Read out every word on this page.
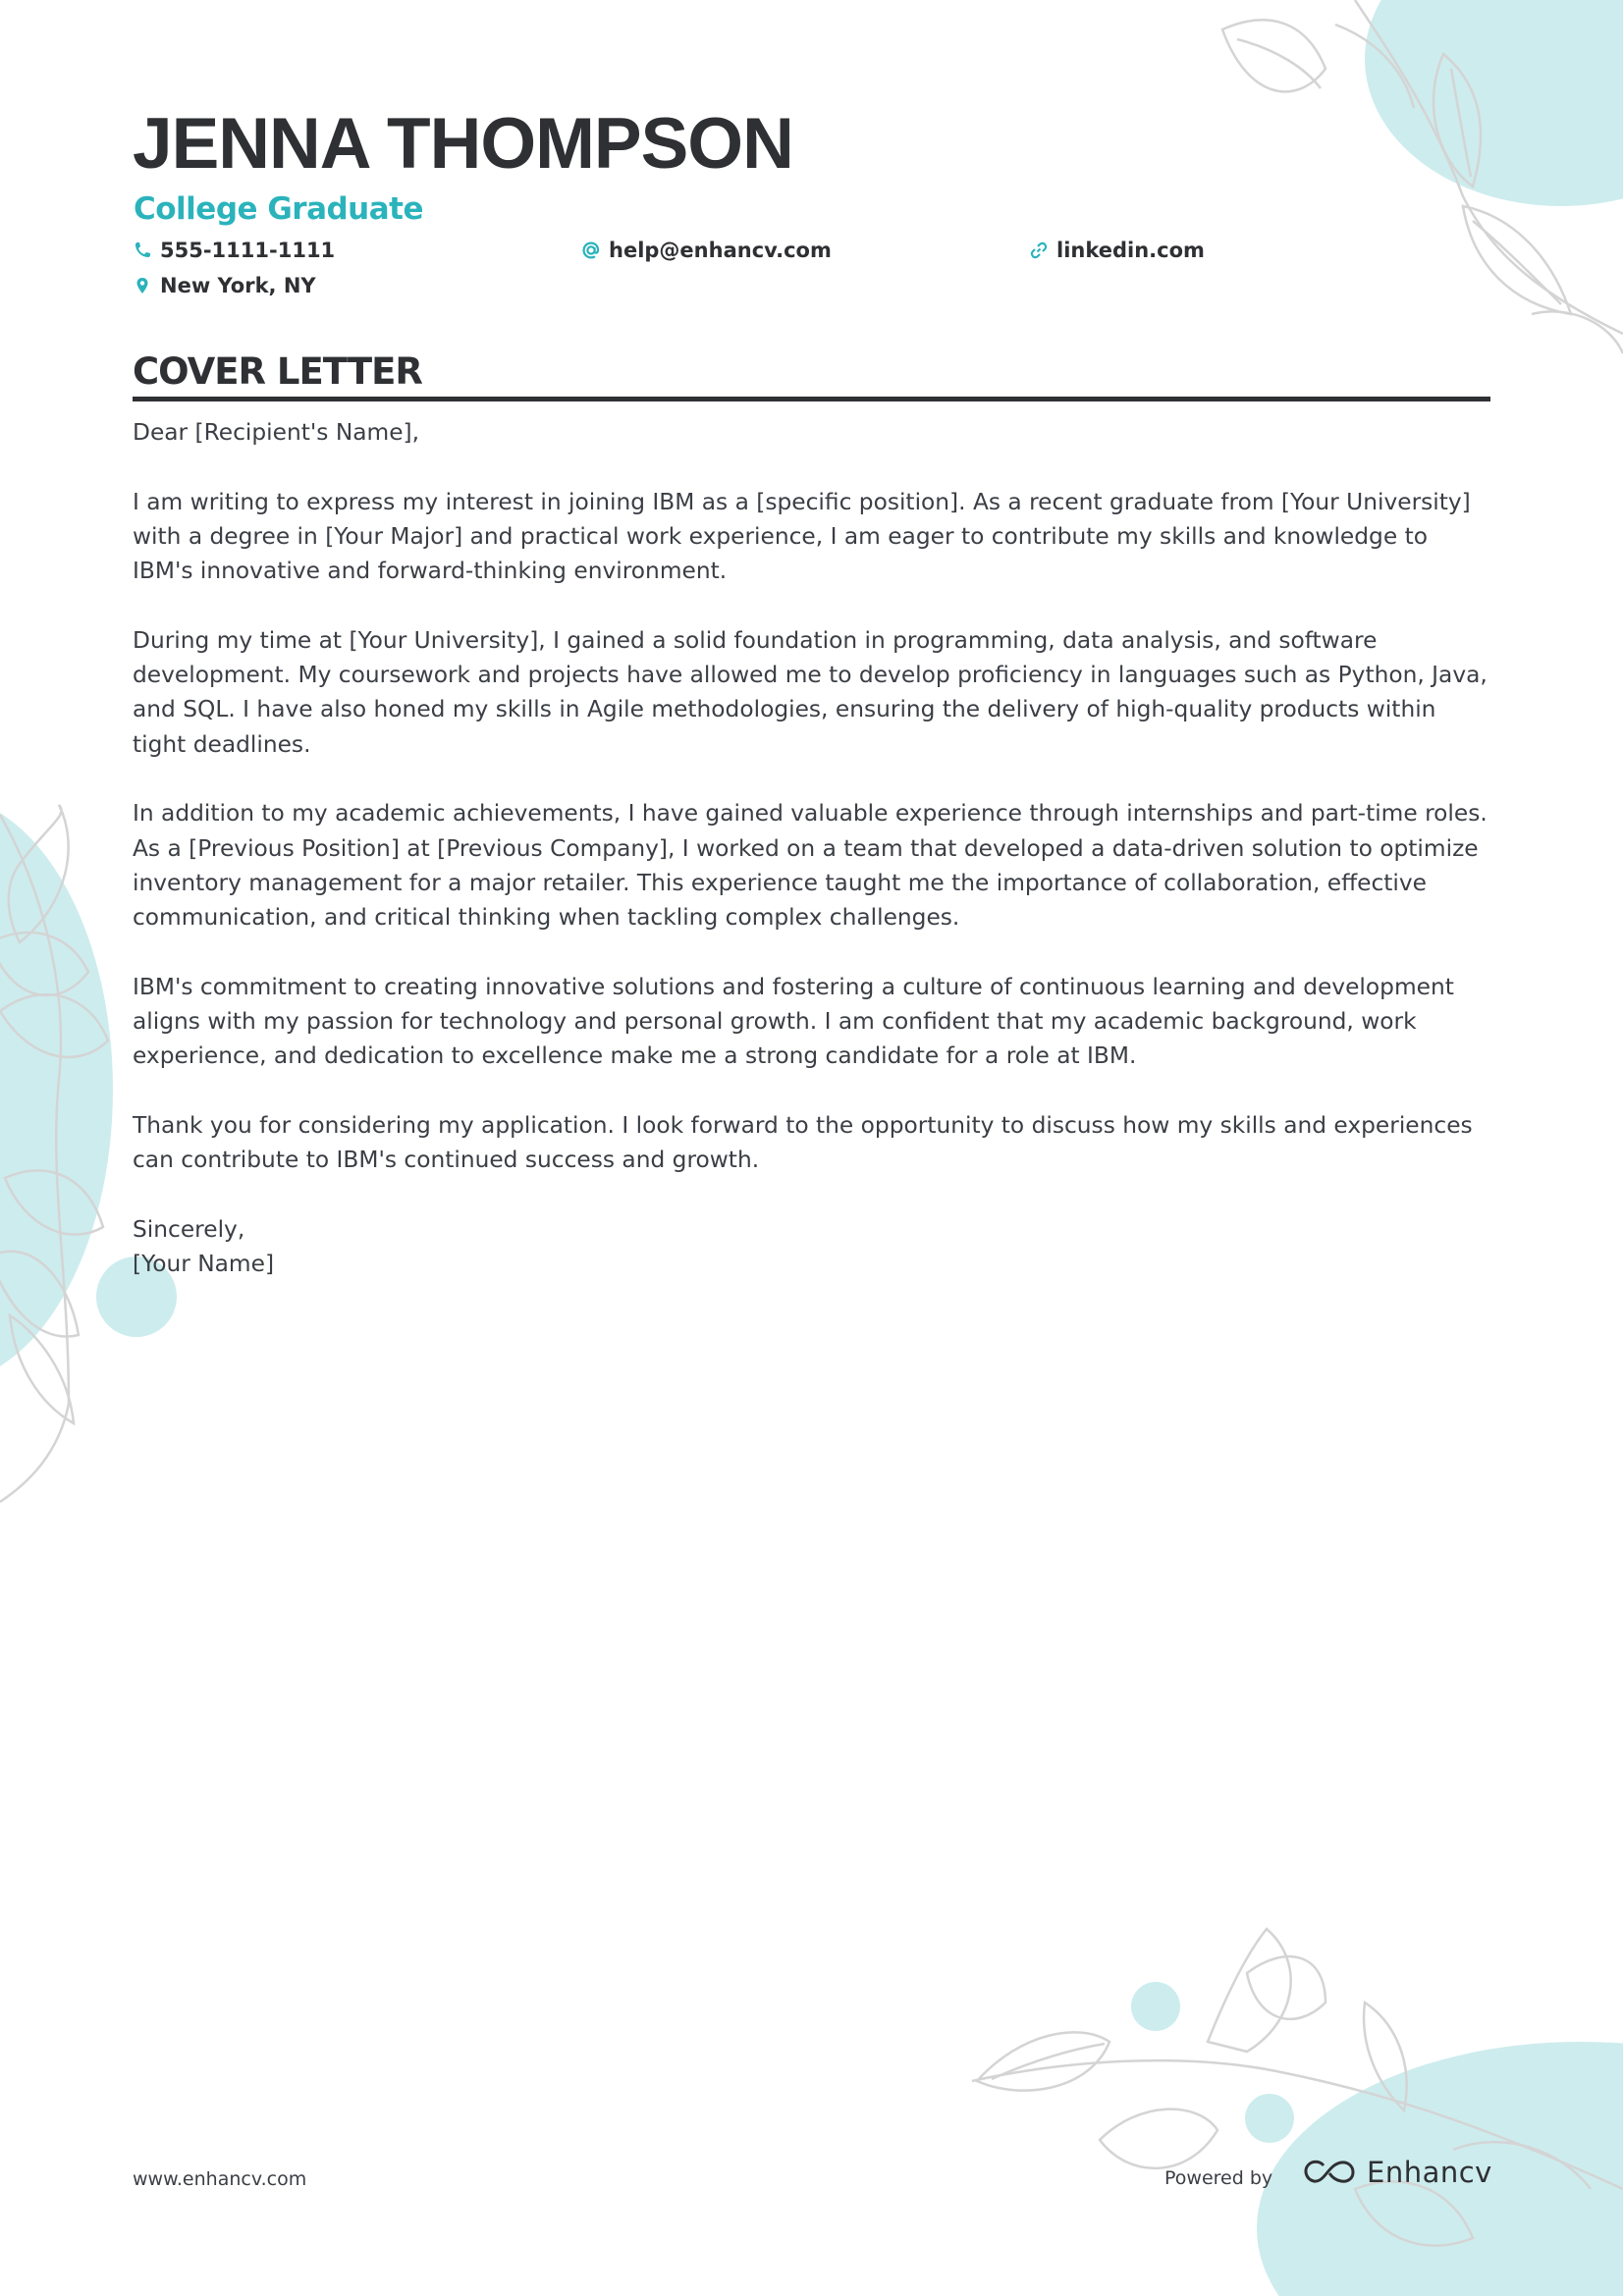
JENNA THOMPSON
College Graduate
555-1111-1111	help@enhancv.com	linkedin.com
New York, NY
COVER LETTER

Dear [Recipient's Name],

I am writing to express my interest in joining IBM as a [specific position]. As a recent graduate from [Your University] with a degree in [Your Major] and practical work experience, I am eager to contribute my skills and knowledge to IBM's innovative and forward-thinking environment.

During my time at [Your University], I gained a solid foundation in programming, data analysis, and software development. My coursework and projects have allowed me to develop proficiency in languages such as Python, Java, and SQL. I have also honed my skills in Agile methodologies, ensuring the delivery of high-quality products within tight deadlines.

In addition to my academic achievements, I have gained valuable experience through internships and part-time roles. As a [Previous Position] at [Previous Company], I worked on a team that developed a data-driven solution to optimize inventory management for a major retailer. This experience taught me the importance of collaboration, effective communication, and critical thinking when tackling complex challenges.

IBM's commitment to creating innovative solutions and fostering a culture of continuous learning and development aligns with my passion for technology and personal growth. I am confident that my academic background, work experience, and dedication to excellence make me a strong candidate for a role at IBM.

Thank you for considering my application. I look forward to the opportunity to discuss how my skills and experiences can contribute to IBM's continued success and growth.

Sincerely,

[Your Name]

www.enhancv.com	Powered by	Enhancv
